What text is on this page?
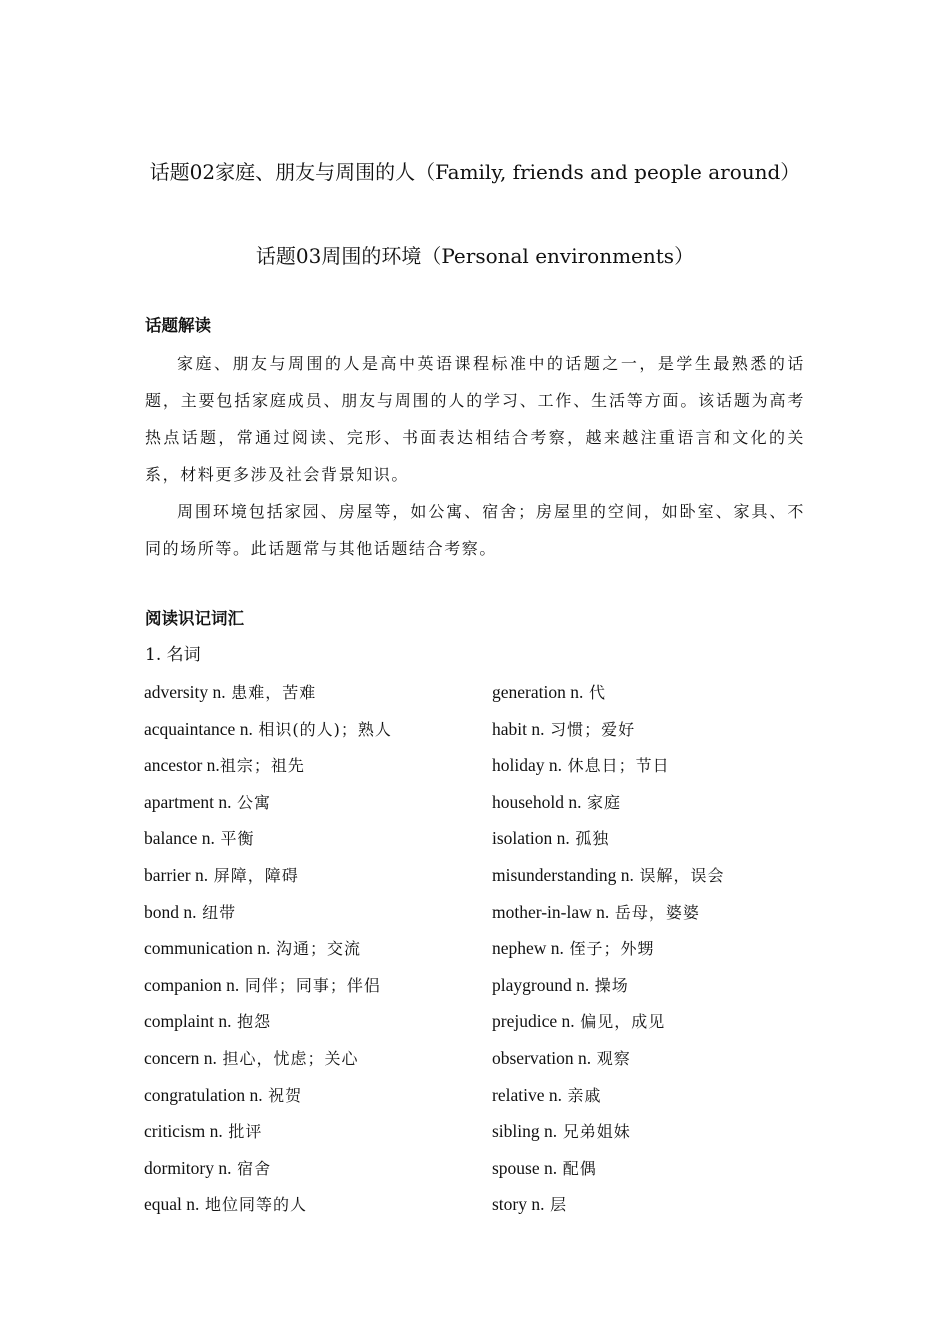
话题02家庭、朋友与周围的人（Family, friends and people around）
话题03周围的环境（Personal environments）
话题解读
家庭、朋友与周围的人是高中英语课程标准中的话题之一，是学生最熟悉的话题，主要包括家庭成员、朋友与周围的人的学习、工作、生活等方面。该话题为高考热点话题，常通过阅读、完形、书面表达相结合考察，越来越注重语言和文化的关系，材料更多涉及社会背景知识。
周围环境包括家园、房屋等，如公寓、宿舍；房屋里的空间，如卧室、家具、不同的场所等。此话题常与其他话题结合考察。
阅读识记词汇
1. 名词
adversity n. 患难，苦难
acquaintance n. 相识(的人)；熟人
ancestor n.祖宗；祖先
apartment n. 公寓
balance n. 平衡
barrier n. 屏障，障碍
bond n. 纽带
communication n. 沟通；交流
companion n. 同伴；同事；伴侣
complaint n. 抱怨
concern n. 担心，忧虑；关心
congratulation n. 祝贺
criticism n. 批评
dormitory n. 宿舍
equal n. 地位同等的人
generation n. 代
habit n. 习惯；爱好
holiday n. 休息日；节日
household n. 家庭
isolation n. 孤独
misunderstanding n. 误解，误会
mother-in-law n. 岳母，婆婆
nephew n. 侄子；外甥
playground n. 操场
prejudice n. 偏见，成见
observation n. 观察
relative n. 亲戚
sibling n. 兄弟姐妹
spouse n. 配偶
story n. 层
